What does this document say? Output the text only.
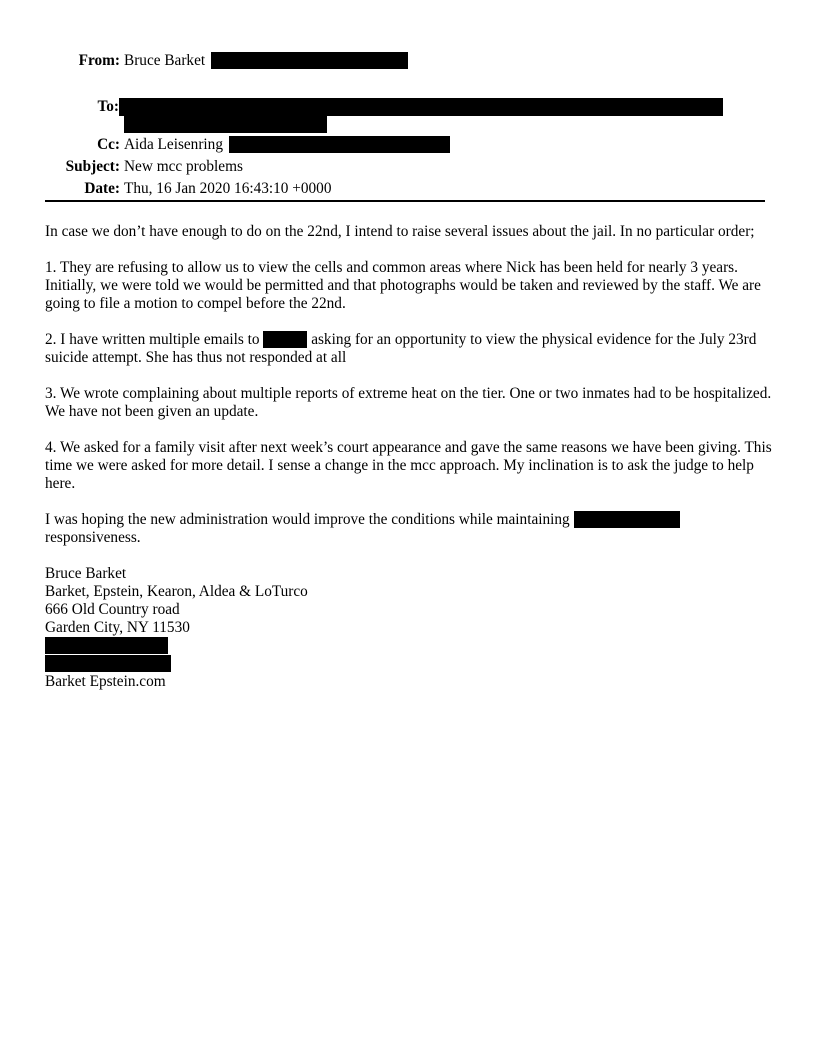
From: Bruce Barket
To:
Cc: Aida Leisenring
Subject: New mcc problems
Date: Thu, 16 Jan 2020 16:43:10 +0000

In case we don’t have enough to do on the 22nd, I intend to raise several issues about the jail. In no particular order;

1. They are refusing to allow us to view the cells and common areas where Nick has been held for nearly 3 years. Initially, we were told we would be permitted and that photographs would be taken and reviewed by the staff. We are going to file a motion to compel before the 22nd.

2. I have written multiple emails to	asking for an opportunity to view the physical evidence for the July 23rd suicide attempt. She has thus not responded at all

3. We wrote complaining about multiple reports of extreme heat on the tier. One or two inmates had to be hospitalized. We have not been given an update.

4. We asked for a family visit after next week’s court appearance and gave the same reasons we have been giving. This time we were asked for more detail. I sense a change in the mcc approach. My inclination is to ask the judge to help here.

I was hoping the new administration would improve the conditions while maintaining  responsiveness.

Bruce Barket
Barket, Epstein, Kearon, Aldea & LoTurco
666 Old Country road
Garden City, NY 11530
Barket Epstein.com
